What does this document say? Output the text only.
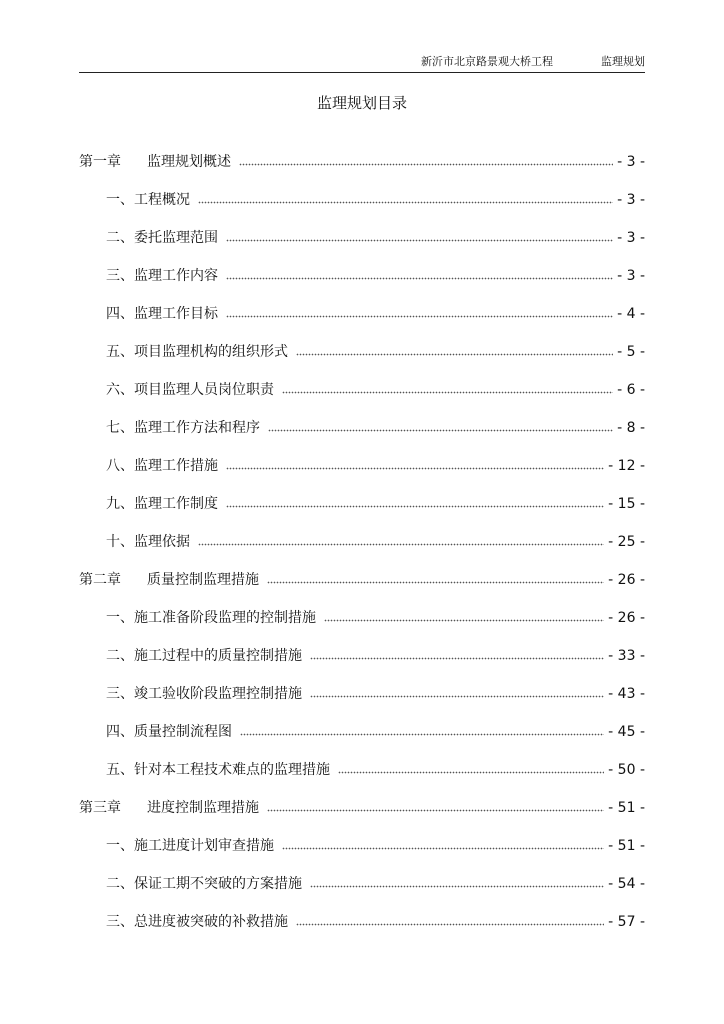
新沂市北京路景观大桥工程	监理规划
监理规划目录
第一章	监理规划概述	- 3 -
一、 工程概况	- 3 -
二、 委托监理范围	- 3 -
三、 监理工作内容	- 3 -
四、 监理工作目标	- 4 -
五、 项目监理机构的组织形式	- 5 -
六、 项目监理人员岗位职责	- 6 -
七、 监理工作方法和程序	- 8 -
八、 监理工作措施	- 12 -
九、 监理工作制度	- 15 -
十、 监理依据	- 25 -
第二章	质量控制监理措施	- 26 -
一、 施工准备阶段监理的控制措施	- 26 -
二、 施工过程中的质量控制措施	- 33 -
三、 竣工验收阶段监理控制措施	- 43 -
四、 质量控制流程图	- 45 -
五、 针对本工程技术难点的监理措施	- 50 -
第三章	进度控制监理措施	- 51 -
一、 施工进度计划审查措施	- 51 -
二、 保证工期不突破的方案措施	- 54 -
三、 总进度被突破的补救措施	- 57 -
